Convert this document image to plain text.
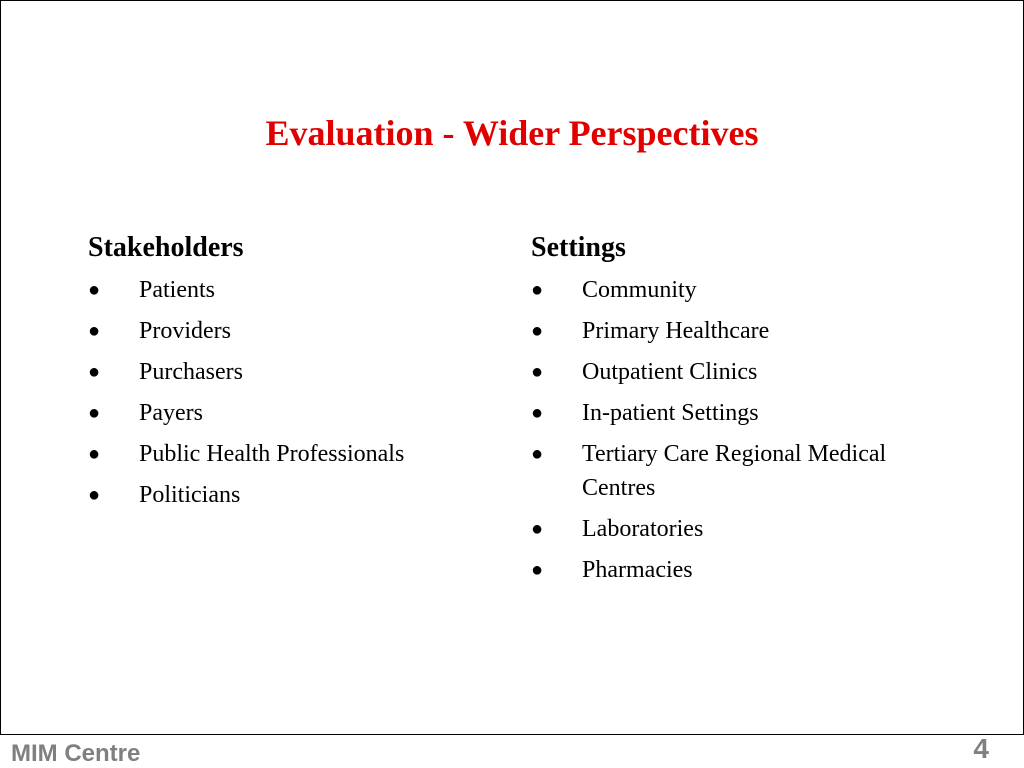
Evaluation - Wider Perspectives
Stakeholders
● Patients
● Providers
● Purchasers
● Payers
● Public Health Professionals
● Politicians
Settings
● Community
● Primary Healthcare
● Outpatient Clinics
● In-patient Settings
● Tertiary Care Regional Medical Centres
● Laboratories
● Pharmacies
MIM Centre	4
